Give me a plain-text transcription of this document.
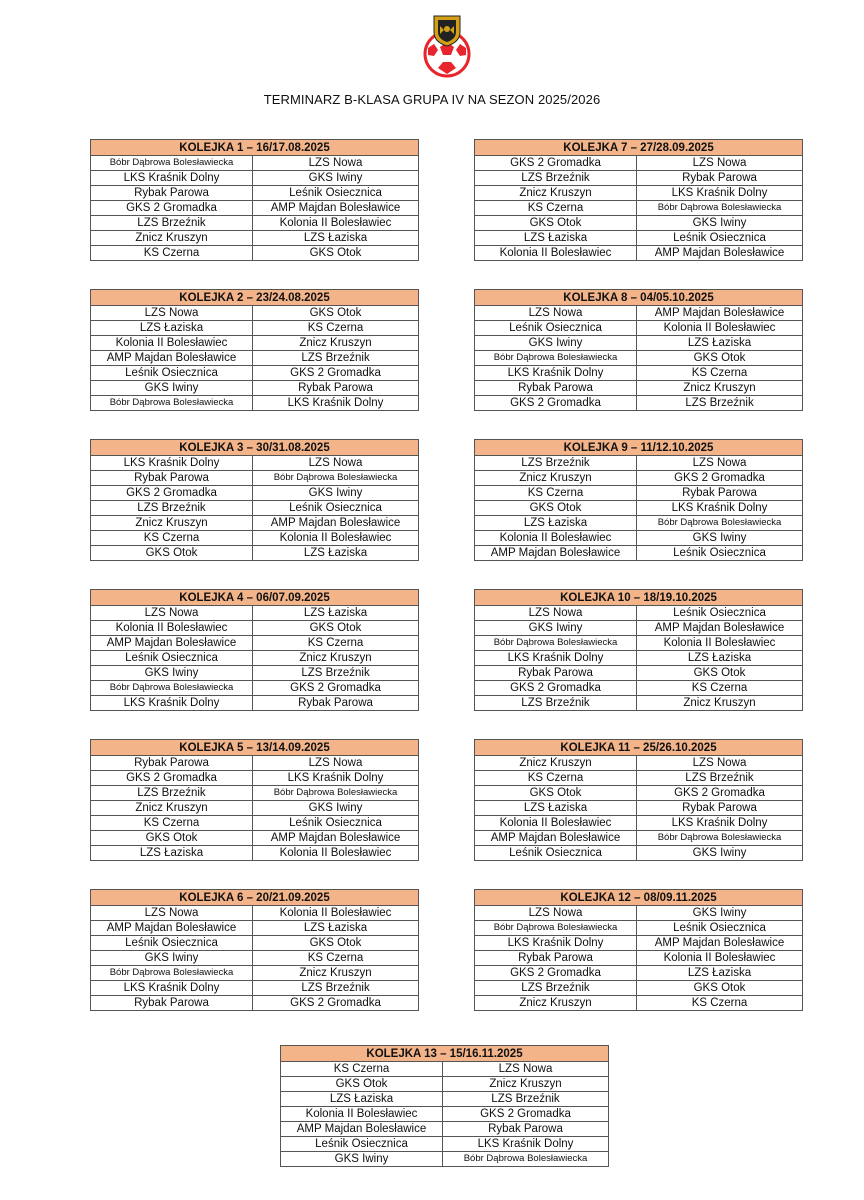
TERMINARZ B-KLASA GRUPA IV NA SEZON 2025/2026
KOLEJKA 1 – 16/17.08.2025	
Bóbr Dąbrowa Bolesławiecka	LZS Nowa
LKS Kraśnik Dolny	GKS Iwiny
Rybak Parowa	Leśnik Osiecznica
GKS 2 Gromadka	AMP Majdan Bolesławice
LZS Brzeźnik	Kolonia II Bolesławiec
Znicz Kruszyn	LZS Łaziska
KS Czerna	GKS Otok
KOLEJKA 2 – 23/24.08.2025	
LZS Nowa	GKS Otok
LZS Łaziska	KS Czerna
Kolonia II Bolesławiec	Znicz Kruszyn
AMP Majdan Bolesławice	LZS Brzeźnik
Leśnik Osiecznica	GKS 2 Gromadka
GKS Iwiny	Rybak Parowa
Bóbr Dąbrowa Bolesławiecka	LKS Kraśnik Dolny
KOLEJKA 3 – 30/31.08.2025	
LKS Kraśnik Dolny	LZS Nowa
Rybak Parowa	Bóbr Dąbrowa Bolesławiecka
GKS 2 Gromadka	GKS Iwiny
LZS Brzeźnik	Leśnik Osiecznica
Znicz Kruszyn	AMP Majdan Bolesławice
KS Czerna	Kolonia II Bolesławiec
GKS Otok	LZS Łaziska
KOLEJKA 4 – 06/07.09.2025	
LZS Nowa	LZS Łaziska
Kolonia II Bolesławiec	GKS Otok
AMP Majdan Bolesławice	KS Czerna
Leśnik Osiecznica	Znicz Kruszyn
GKS Iwiny	LZS Brzeźnik
Bóbr Dąbrowa Bolesławiecka	GKS 2 Gromadka
LKS Kraśnik Dolny	Rybak Parowa
KOLEJKA 5 – 13/14.09.2025	
Rybak Parowa	LZS Nowa
GKS 2 Gromadka	LKS Kraśnik Dolny
LZS Brzeźnik	Bóbr Dąbrowa Bolesławiecka
Znicz Kruszyn	GKS Iwiny
KS Czerna	Leśnik Osiecznica
GKS Otok	AMP Majdan Bolesławice
LZS Łaziska	Kolonia II Bolesławiec
KOLEJKA 6 – 20/21.09.2025	
LZS Nowa	Kolonia II Bolesławiec
AMP Majdan Bolesławice	LZS Łaziska
Leśnik Osiecznica	GKS Otok
GKS Iwiny	KS Czerna
Bóbr Dąbrowa Bolesławiecka	Znicz Kruszyn
LKS Kraśnik Dolny	LZS Brzeźnik
Rybak Parowa	GKS 2 Gromadka
KOLEJKA 7 – 27/28.09.2025	
GKS 2 Gromadka	LZS Nowa
LZS Brzeźnik	Rybak Parowa
Znicz Kruszyn	LKS Kraśnik Dolny
KS Czerna	Bóbr Dąbrowa Bolesławiecka
GKS Otok	GKS Iwiny
LZS Łaziska	Leśnik Osiecznica
Kolonia II Bolesławiec	AMP Majdan Bolesławice
KOLEJKA 8 – 04/05.10.2025	
LZS Nowa	AMP Majdan Bolesławice
Leśnik Osiecznica	Kolonia II Bolesławiec
GKS Iwiny	LZS Łaziska
Bóbr Dąbrowa Bolesławiecka	GKS Otok
LKS Kraśnik Dolny	KS Czerna
Rybak Parowa	Znicz Kruszyn
GKS 2 Gromadka	LZS Brzeźnik
KOLEJKA 9 – 11/12.10.2025	
LZS Brzeźnik	LZS Nowa
Znicz Kruszyn	GKS 2 Gromadka
KS Czerna	Rybak Parowa
GKS Otok	LKS Kraśnik Dolny
LZS Łaziska	Bóbr Dąbrowa Bolesławiecka
Kolonia II Bolesławiec	GKS Iwiny
AMP Majdan Bolesławice	Leśnik Osiecznica
KOLEJKA 10 – 18/19.10.2025	
LZS Nowa	Leśnik Osiecznica
GKS Iwiny	AMP Majdan Bolesławice
Bóbr Dąbrowa Bolesławiecka	Kolonia II Bolesławiec
LKS Kraśnik Dolny	LZS Łaziska
Rybak Parowa	GKS Otok
GKS 2 Gromadka	KS Czerna
LZS Brzeźnik	Znicz Kruszyn
KOLEJKA 11 – 25/26.10.2025	
Znicz Kruszyn	LZS Nowa
KS Czerna	LZS Brzeźnik
GKS Otok	GKS 2 Gromadka
LZS Łaziska	Rybak Parowa
Kolonia II Bolesławiec	LKS Kraśnik Dolny
AMP Majdan Bolesławice	Bóbr Dąbrowa Bolesławiecka
Leśnik Osiecznica	GKS Iwiny
KOLEJKA 12 – 08/09.11.2025	
LZS Nowa	GKS Iwiny
Bóbr Dąbrowa Bolesławiecka	Leśnik Osiecznica
LKS Kraśnik Dolny	AMP Majdan Bolesławice
Rybak Parowa	Kolonia II Bolesławiec
GKS 2 Gromadka	LZS Łaziska
LZS Brzeźnik	GKS Otok
Znicz Kruszyn	KS Czerna
KOLEJKA 13 – 15/16.11.2025	
KS Czerna	LZS Nowa
GKS Otok	Znicz Kruszyn
LZS Łaziska	LZS Brzeźnik
Kolonia II Bolesławiec	GKS 2 Gromadka
AMP Majdan Bolesławice	Rybak Parowa
Leśnik Osiecznica	LKS Kraśnik Dolny
GKS Iwiny	Bóbr Dąbrowa Bolesławiecka
